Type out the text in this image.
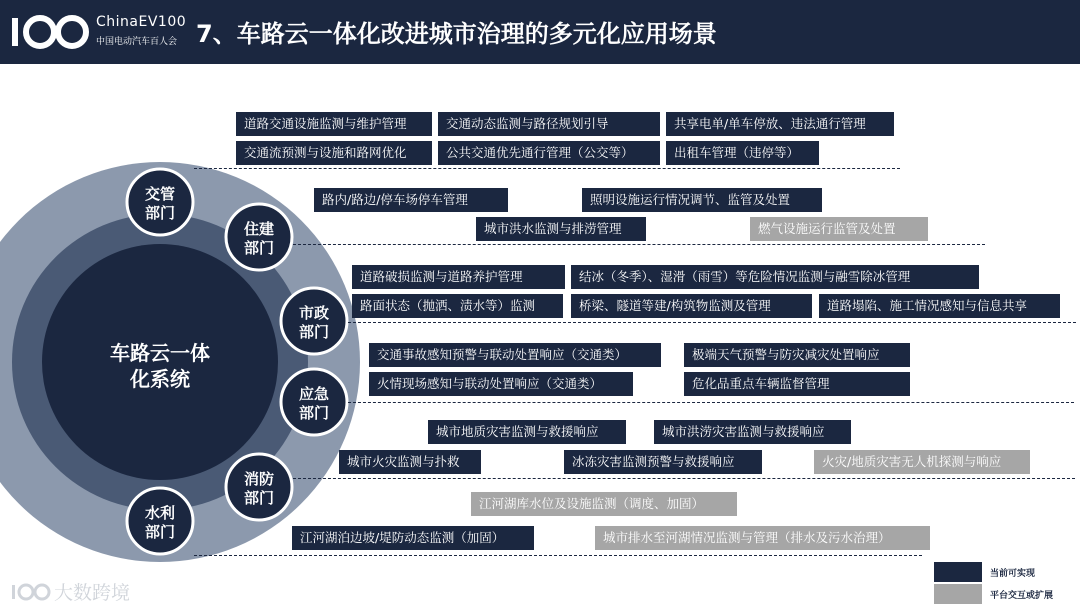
ChinaEV100
中国电动汽车百人会 7、车路云一体化改进城市治理的多元化应用场景
车路云一体
化系统
交管
部门
住建
部门
市政
部门
应急
部门
消防
部门
水利
部门
道路交通设施监测与维护管理	交通动态监测与路径规划引导	共享电单/单车停放、违法通行管理
交通流预测与设施和路网优化	公共交通优先通行管理（公交等）	出租车管理（违停等）
路内/路边/停车场停车管理	照明设施运行情况调节、监管及处置
城市洪水监测与排涝管理	燃气设施运行监管及处置
道路破损监测与道路养护管理	结冰（冬季）、湿滑（雨雪）等危险情况监测与融雪除冰管理
路面状态（抛洒、渍水等）监测	桥梁、隧道等建/构筑物监测及管理	道路塌陷、施工情况感知与信息共享
交通事故感知预警与联动处置响应（交通类）	极端天气预警与防灾减灾处置响应
火情现场感知与联动处置响应（交通类）	危化品重点车辆监督管理
城市地质灾害监测与救援响应	城市洪涝灾害监测与救援响应
城市火灾监测与扑救	冰冻灾害监测预警与救援响应	火灾/地质灾害无人机探测与响应
江河湖库水位及设施监测（调度、加固）
江河湖泊边坡/堤防动态监测（加固）	城市排水至河湖情况监测与管理（排水及污水治理）
当前可实现
平台交互或扩展
大数跨境
